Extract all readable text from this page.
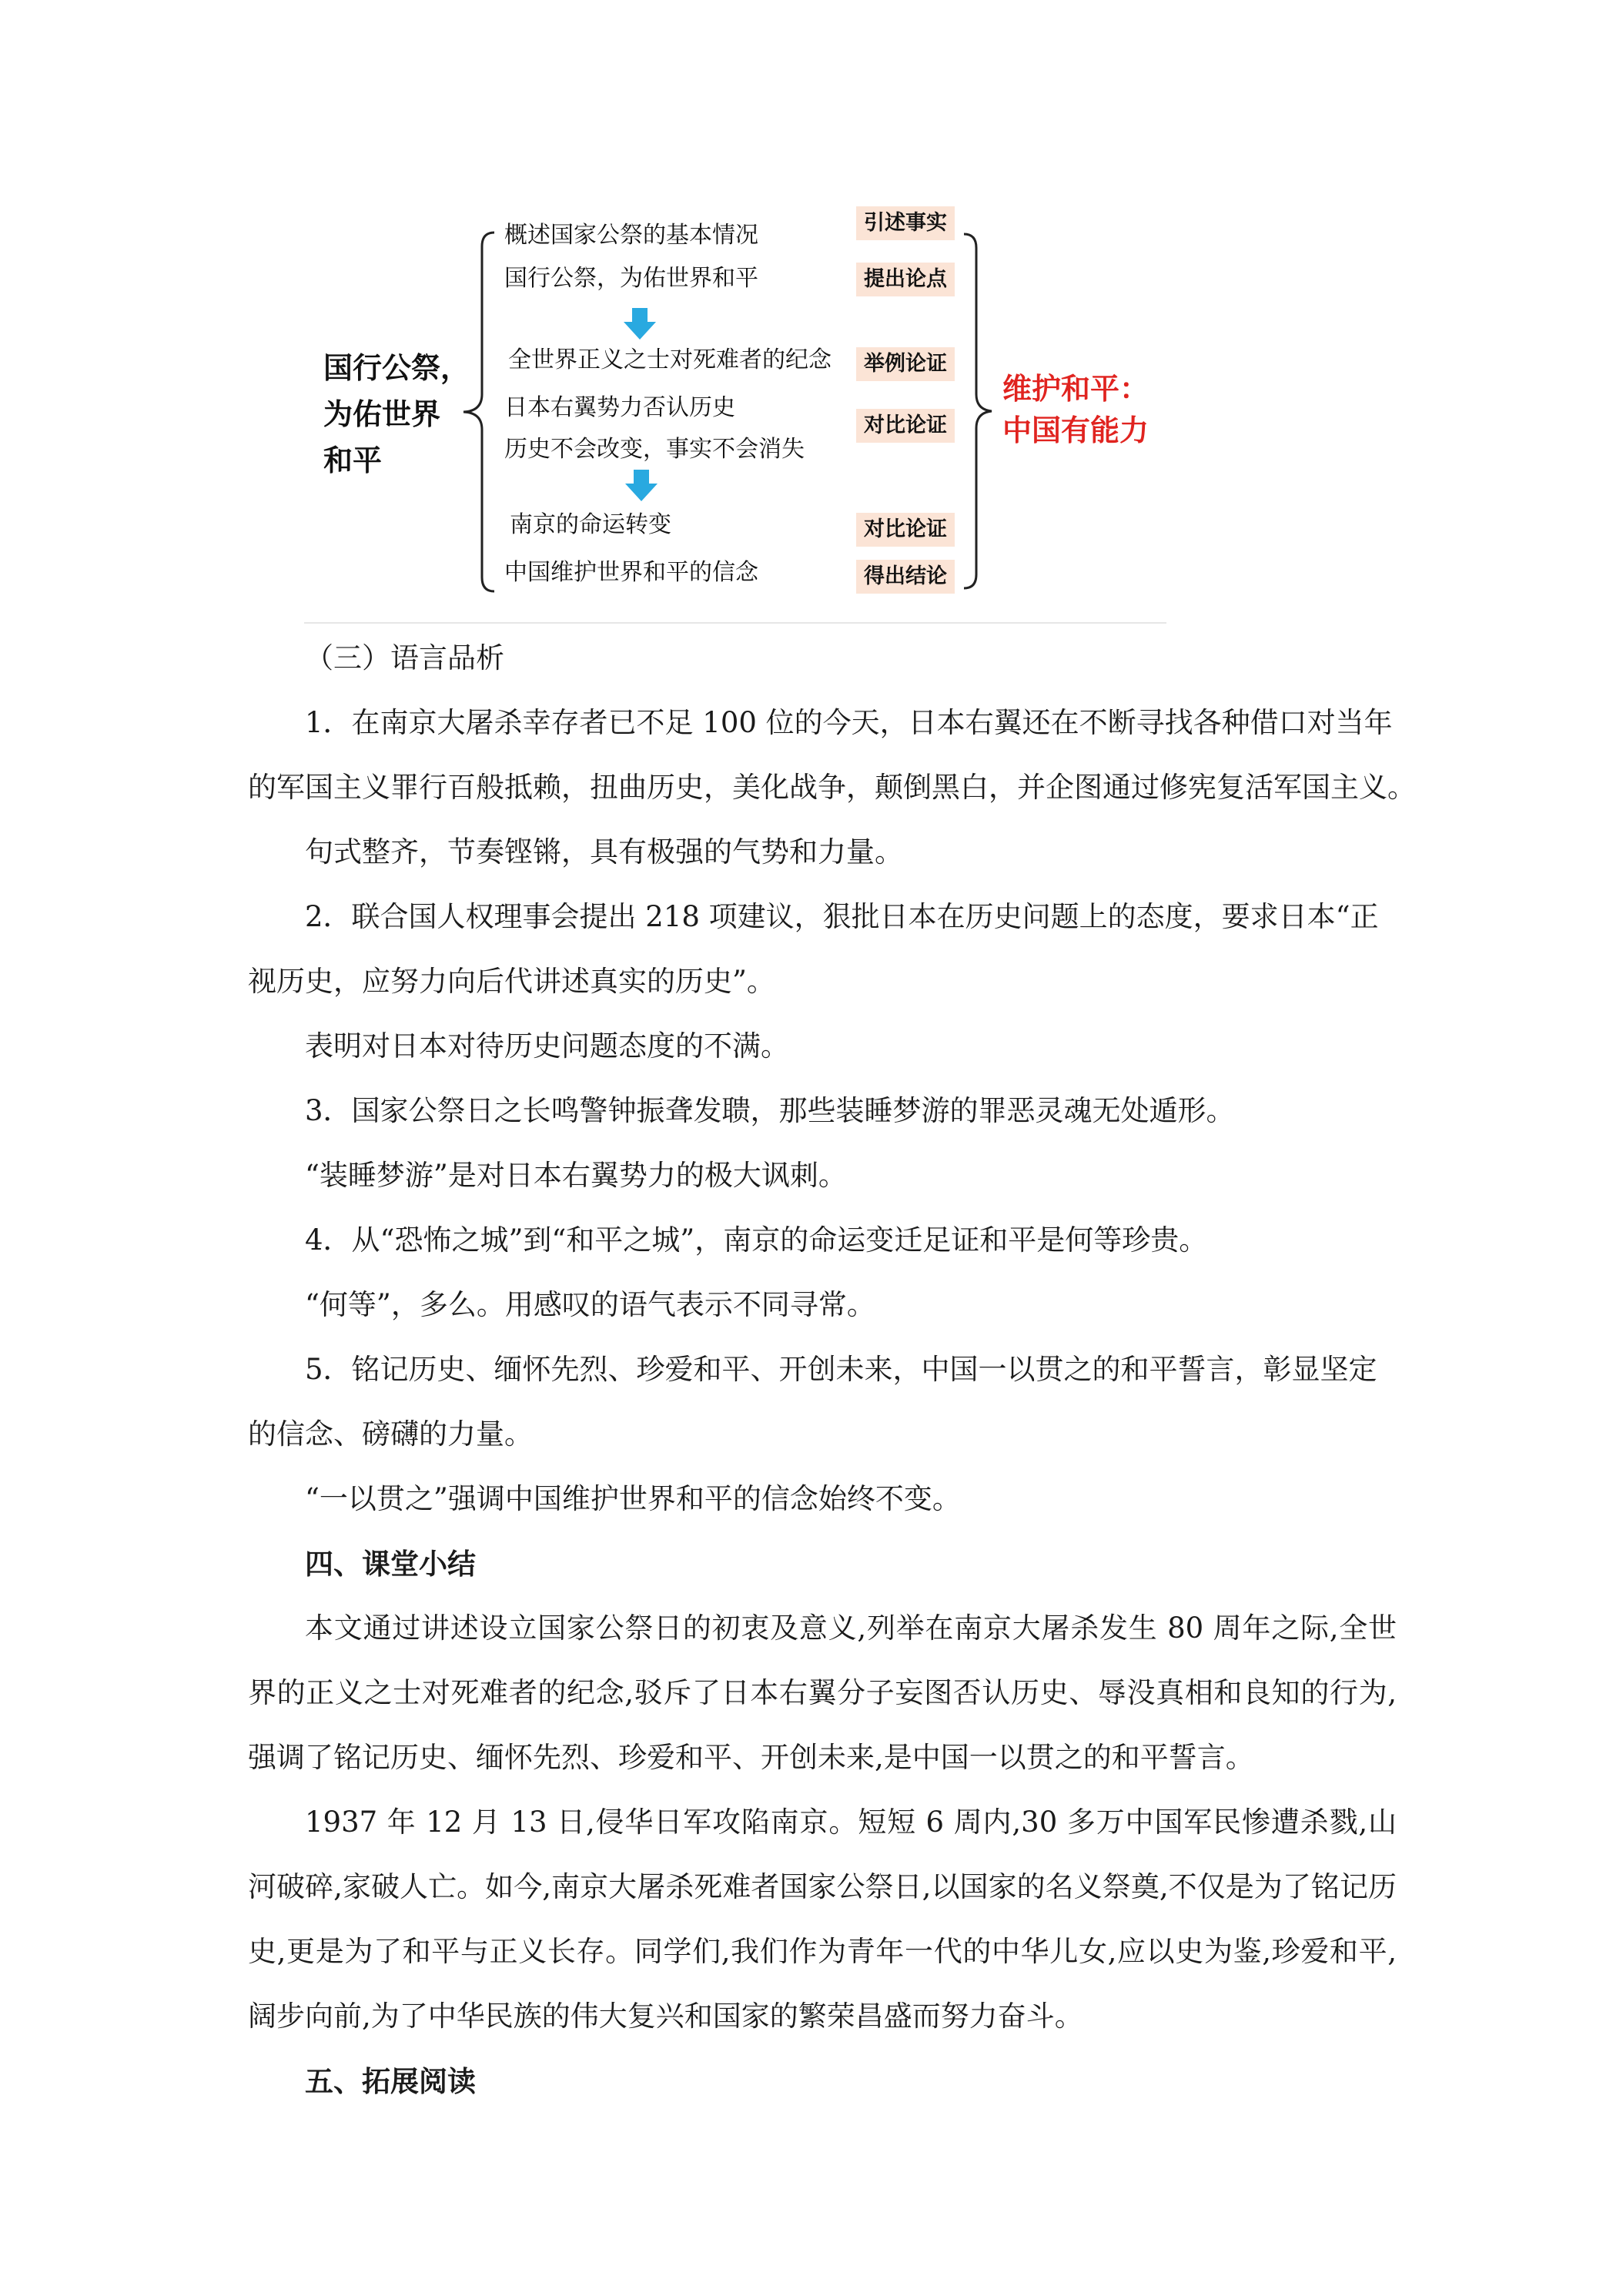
国行公祭，
为佑世界
和平
概述国家公祭的基本情况
国行公祭，为佑世界和平
全世界正义之士对死难者的纪念
日本右翼势力否认历史
历史不会改变，事实不会消失
南京的命运转变
中国维护世界和平的信念
引述事实
提出论点
举例论证
对比论证
对比论证
得出结论
维护和平：
中国有能力

（三）语言品析

1．在南京大屠杀幸存者已不足 100 位的今天，日本右翼还在不断寻找各种借口对当年

的军国主义罪行百般抵赖，扭曲历史，美化战争，颠倒黑白，并企图通过修宪复活军国主义。

句式整齐，节奏铿锵，具有极强的气势和力量。

2．联合国人权理事会提出 218 项建议，狠批日本在历史问题上的态度，要求日本“正

视历史，应努力向后代讲述真实的历史”。

表明对日本对待历史问题态度的不满。

3．国家公祭日之长鸣警钟振聋发聩，那些装睡梦游的罪恶灵魂无处遁形。

“装睡梦游”是对日本右翼势力的极大讽刺。

4．从“恐怖之城”到“和平之城”，南京的命运变迁足证和平是何等珍贵。

“何等”，多么。用感叹的语气表示不同寻常。

5．铭记历史、缅怀先烈、珍爱和平、开创未来，中国一以贯之的和平誓言，彰显坚定

的信念、磅礴的力量。

“一以贯之”强调中国维护世界和平的信念始终不变。

四、课堂小结

本文通过讲述设立国家公祭日的初衷及意义,列举在南京大屠杀发生 80 周年之际,全世界的正义之士对死难者的纪念,驳斥了日本右翼分子妄图否认历史、辱没真相和良知的行为,强调了铭记历史、缅怀先烈、珍爱和平、开创未来,是中国一以贯之的和平誓言。

1937 年 12 月 13 日,侵华日军攻陷南京。短短 6 周内,30 多万中国军民惨遭杀戮,山河破碎,家破人亡。如今,南京大屠杀死难者国家公祭日,以国家的名义祭奠,不仅是为了铭记历史,更是为了和平与正义长存。同学们,我们作为青年一代的中华儿女,应以史为鉴,珍爱和平,阔步向前,为了中华民族的伟大复兴和国家的繁荣昌盛而努力奋斗。

五、拓展阅读
